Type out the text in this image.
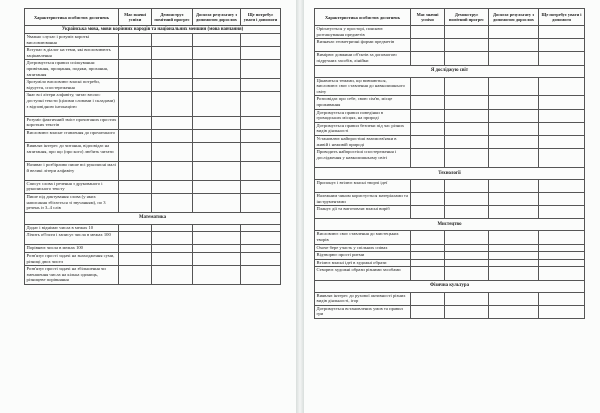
Характеристика особистих досягнень	Має значні успіхи	Демонструє помітний прогрес	Досягає результату з допомогою дорослих	Ще потребує уваги і допомоги
Українська мова, мови корінних народів та національних меншин (мова навчання)				
Уважно слухає і розуміє короткі висловлювання				
Вступає в діалог на теми, які висловлюють зацікавлення				
Дотримується правил спілкування: привітання, прощання, подяки, прохання, запитання				
Зрозуміло висловлює власні потреби, відчуття, спостереження				
Знає всі літери алфавіту, читає вголос доступні тексти (цілими словами і складами) з відповідною інтонацією				
Розуміє фактичний зміст прочитаних простих коротких текстів				
Висловлює власне ставлення до прочитаного				
Виявляє інтерес до читання, відповідає на запитання, про що (про кого) любить читати				
Називає і розбірливо пише всі рукописні малі й великі літери алфавіту				
Списує слова і речення з друкованого і рукописного тексту				
Пише під диктування слова (у яких написання збігається зі звучанням), по 3 речень із 3–4 слів				
Математика				
Додає і віднімає числа в межах 10				
Лічить об'єкти і записує числа в межах 100				
Порівнює числа в межах 100				
Розв'язує прості задачі на знаходження суми, різниці двох чисел				
Розв'язує прості задачі на збільшення чи зменшення числа на кілька одиниць, різницеве порівняння				
Характеристика особистих досягнень	Має значні успіхи	Демонструє помітний прогрес	Досягає результату з допомогою дорослих	Ще потребує уваги і допомоги
Орієнтується у просторі, пояснює розташування предметів				
Визначає геометричні форми предметів				
Вимірює довжини об'єктів за допомогою підручних засобів, лінійки				
Я досліджую світ				
Цікавиться темами, що вивчаються, висловлює своє ставлення до навколишнього світу				
Розповідає про себе, свою сім'ю, місце проживання				
Дотримується правил поведінки в громадських місцях, на природі				
Дотримується правил безпеки під час різних видів діяльності				
Установлює найпростіші взаємозв'язки в живій і неживій природі				
Проводить найпростіші спостереження і дослідження у навколишньому світі				
Технології				
Пропонує і втілює власні творчі ідеї				
Належним чином користується матеріалами та інструментами				
Планує дії та виготовляє власні виріб				
Мистецтво				
Висловлює своє ставлення до мистецьких творів				
Охоче бере участь у спільних співах				
Відтворює прості ритми				
Втілює власні ідеї в художні образи				
Створює художні образи різними засобами				
Фізична культура				
Виявляє інтерес до рухової активності різних видів діяльності, ігор				
Дотримується встановлених умов та правил гри				
